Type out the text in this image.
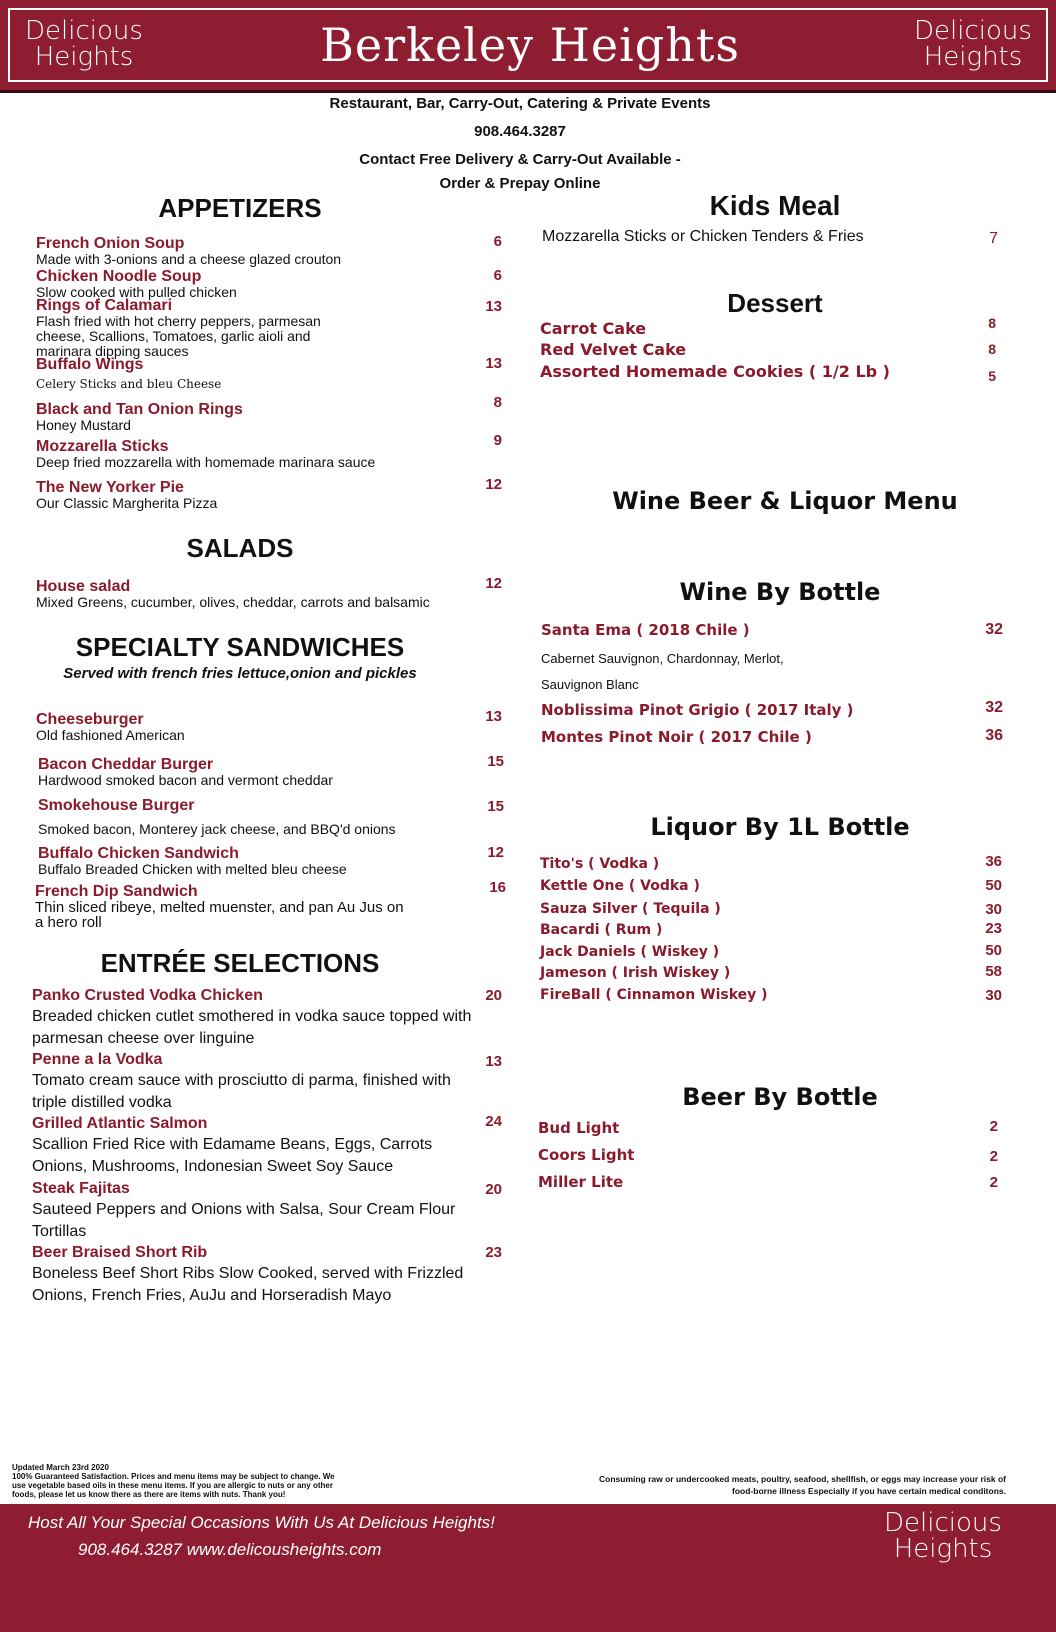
Delicious
Heights	Berkeley Heights	Delicious
Heights
Restaurant, Bar, Carry-Out, Catering & Private Events
908.464.3287
Contact Free Delivery & Carry-Out Available -
Order & Prepay Online
APPETIZERS
French Onion Soup
Made with 3-onions and a cheese glazed crouton
6
Chicken Noodle Soup
Slow cooked with pulled chicken
6
Rings of Calamari
Flash fried with hot cherry peppers, parmesan cheese, Scallions, Tomatoes, garlic aioli and marinara dipping sauces
13
Buffalo Wings
Celery Sticks and bleu Cheese
13
Black and Tan Onion Rings
Honey Mustard
8
Mozzarella Sticks
Deep fried mozzarella with homemade marinara sauce
9
The New Yorker Pie
Our Classic Margherita Pizza
12
SALADS
House salad
Mixed Greens, cucumber, olives, cheddar, carrots and balsamic
12
SPECIALTY SANDWICHES
Served with french fries lettuce,onion and pickles
Cheeseburger
Old fashioned American
13
Bacon Cheddar Burger
Hardwood smoked bacon and vermont cheddar
15
Smokehouse Burger
Smoked bacon, Monterey jack cheese, and BBQ'd onions
15
Buffalo Chicken Sandwich
Buffalo Breaded Chicken with melted bleu cheese
12
French Dip Sandwich
Thin sliced ribeye, melted muenster, and pan Au Jus on a hero roll
16
ENTRÉE SELECTIONS
Panko Crusted Vodka Chicken
Breaded chicken cutlet smothered in vodka sauce topped with parmesan cheese over linguine
20
Penne a la Vodka
Tomato cream sauce with prosciutto di parma, finished with triple distilled vodka
13
Grilled Atlantic Salmon
Scallion Fried Rice with Edamame Beans, Eggs, Carrots Onions, Mushrooms, Indonesian Sweet Soy Sauce
24
Steak Fajitas
Sauteed Peppers and Onions with Salsa, Sour Cream Flour Tortillas
20
Beer Braised Short Rib
Boneless Beef Short Ribs Slow Cooked, served with Frizzled Onions, French Fries, AuJu and Horseradish Mayo
23
Kids Meal
Mozzarella Sticks or Chicken Tenders & Fries	7
Dessert
Carrot Cake	8
Red Velvet Cake	8
Assorted Homemade Cookies ( 1/2 Lb )	5
Wine Beer & Liquor Menu
Wine By Bottle
Santa Ema ( 2018 Chile )	32
Cabernet Sauvignon, Chardonnay, Merlot,
Sauvignon Blanc
Noblissima Pinot Grigio ( 2017 Italy )	32
Montes Pinot Noir ( 2017 Chile )	36
Liquor By 1L Bottle
Tito's ( Vodka )	36
Kettle One ( Vodka )	50
Sauza Silver ( Tequila )	30
Bacardi ( Rum )	23
Jack Daniels ( Wiskey )	50
Jameson ( Irish Wiskey )	58
FireBall ( Cinnamon Wiskey )	30
Beer By Bottle
Bud Light	2
Coors Light	2
Miller Lite	2
Updated March 23rd 2020
100% Guaranteed Satisfaction. Prices and menu items may be subject to change. We
use vegetable based oils in these menu items. If you are allergic to nuts or any other
foods, please let us know there as there are items with nuts. Thank you!
Consuming raw or undercooked meats, poultry, seafood, shellfish, or eggs may increase your risk of
food-borne illness Especially if you have certain medical conditons.
Host All Your Special Occasions With Us At Delicious Heights!
908.464.3287 www.delicousheights.com
Delicious
Heights
